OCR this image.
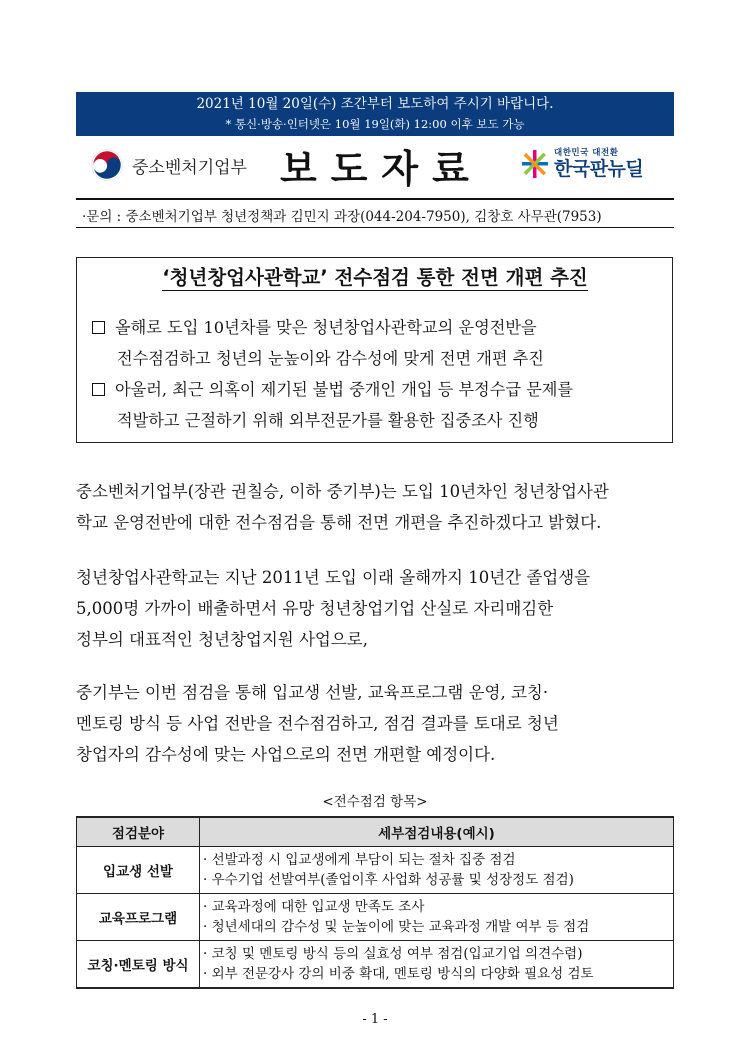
2021년 10월 20일(수) 조간부터 보도하여 주시기 바랍니다.
* 통신·방송·인터넷은 10월 19일(화) 12:00 이후 보도 가능
중소벤처기업부 보도자료	대한민국 대전환
한국판뉴딜
·문의 : 중소벤처기업부 청년정책과 김민지 과장(044-204-7950), 김창호 사무관(7953)
‘청년창업사관학교’ 전수점검 통한 전면 개편 추진
올해로 도입 10년차를 맞은 청년창업사관학교의 운영전반을
전수점검하고 청년의 눈높이와 감수성에 맞게 전면 개편 추진
아울러, 최근 의혹이 제기된 불법 중개인 개입 등 부정수급 문제를
적발하고 근절하기 위해 외부전문가를 활용한 집중조사 진행
중소벤처기업부(장관 권칠승, 이하 중기부)는 도입 10년차인 청년창업사관
학교 운영전반에 대한 전수점검을 통해 전면 개편을 추진하겠다고 밝혔다.
청년창업사관학교는 지난 2011년 도입 이래 올해까지 10년간 졸업생을
5,000명 가까이 배출하면서 유망 청년창업기업 산실로 자리매김한
정부의 대표적인 청년창업지원 사업으로,
중기부는 이번 점검을 통해 입교생 선발, 교육프로그램 운영, 코칭·
멘토링 방식 등 사업 전반을 전수점검하고, 점검 결과를 토대로 청년
창업자의 감수성에 맞는 사업으로의 전면 개편할 예정이다.
<전수점검 항목>
점검분야	세부점검내용(예시)
입교생 선발	· 선발과정 시 입교생에게 부담이 되는 절차 집중 점검
· 우수기업 선발여부(졸업이후 사업화 성공률 및 성장정도 점검)

교육프로그램	· 교육과정에 대한 입교생 만족도 조사
· 청년세대의 감수성 및 눈높이에 맞는 교육과정 개발 여부 등 점검

코칭·멘토링 방식	· 코칭 및 멘토링 방식 등의 실효성 여부 점검(입교기업 의견수렴)
· 외부 전문강사 강의 비중 확대, 멘토링 방식의 다양화 필요성 검토
- 1 -
